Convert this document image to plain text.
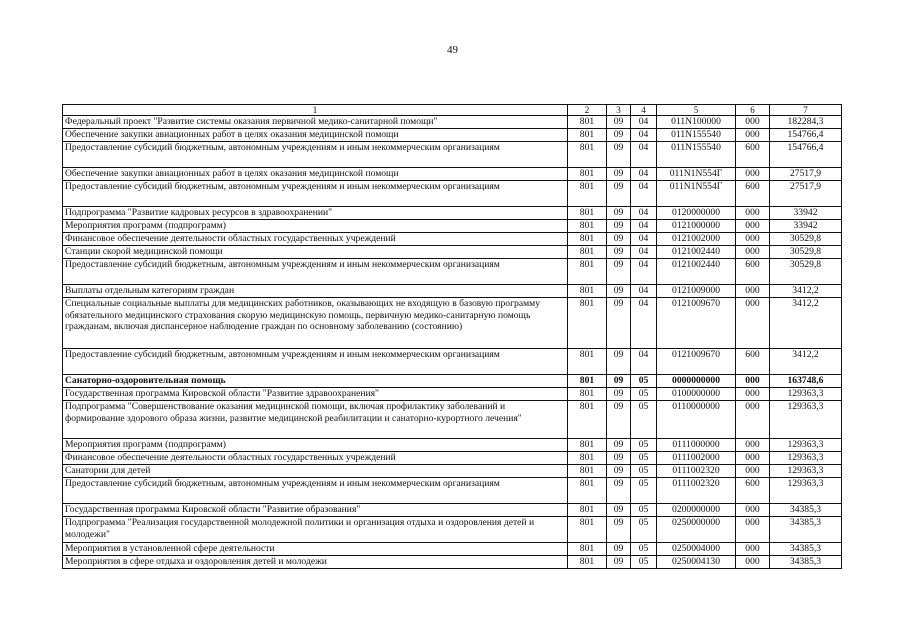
49
1	2	3	4	5	6	7
Федеральный проект "Развитие системы оказания первичной медико-санитарной помощи"	801	09	04	011N100000	000	182284,3
Обеспечение закупки авиационных работ в целях оказания медицинской помощи	801	09	04	011N155540	000	154766,4
Предоставление субсидий бюджетным, автономным учреждениям и иным некоммерческим организациям	801	09	04	011N155540	600	154766,4
Обеспечение закупки авиационных работ в целях оказания медицинской помощи	801	09	04	011N1N554Г	000	27517,9
Предоставление субсидий бюджетным, автономным учреждениям и иным некоммерческим организациям	801	09	04	011N1N554Г	600	27517,9
Подпрограмма "Развитие кадровых ресурсов в здравоохранении"	801	09	04	0120000000	000	33942
Мероприятия программ (подпрограмм)	801	09	04	0121000000	000	33942
Финансовое обеспечение деятельности областных государственных учреждений	801	09	04	0121002000	000	30529,8
Станции скорой медицинской помощи	801	09	04	0121002440	000	30529,8
Предоставление субсидий бюджетным, автономным учреждениям и иным некоммерческим организациям	801	09	04	0121002440	600	30529,8
Выплаты отдельным категориям граждан	801	09	04	0121009000	000	3412,2
Специальные социальные выплаты для медицинских работников, оказывающих не входящую в базовую программу обязательного медицинского страхования скорую медицинскую помощь, первичную медико-санитарную помощь гражданам, включая диспансерное наблюдение граждан по основному заболеванию (состоянию)	801	09	04	0121009670	000	3412,2
Предоставление субсидий бюджетным, автономным учреждениям и иным некоммерческим организациям	801	09	04	0121009670	600	3412,2
Санаторно-оздоровительная помощь	801	09	05	0000000000	000	163748,6
Государственная программа Кировской области "Развитие здравоохранения"	801	09	05	0100000000	000	129363,3
Подпрограмма "Совершенствование оказания медицинской помощи, включая профилактику заболеваний и формирование здорового образа жизни, развитие медицинской реабилитации и санаторно-курортного лечения"	801	09	05	0110000000	000	129363,3
Мероприятия программ (подпрограмм)	801	09	05	0111000000	000	129363,3
Финансовое обеспечение деятельности областных государственных учреждений	801	09	05	0111002000	000	129363,3
Санатории для детей	801	09	05	0111002320	000	129363,3
Предоставление субсидий бюджетным, автономным учреждениям и иным некоммерческим организациям	801	09	05	0111002320	600	129363,3
Государственная программа Кировской области "Развитие образования"	801	09	05	0200000000	000	34385,3
Подпрограмма "Реализация государственной молодежной политики и организация отдыха и оздоровления детей и молодежи"	801	09	05	0250000000	000	34385,3
Мероприятия в установленной сфере деятельности	801	09	05	0250004000	000	34385,3
Мероприятия в сфере отдыха и оздоровления детей и молодежи	801	09	05	0250004130	000	34385,3
